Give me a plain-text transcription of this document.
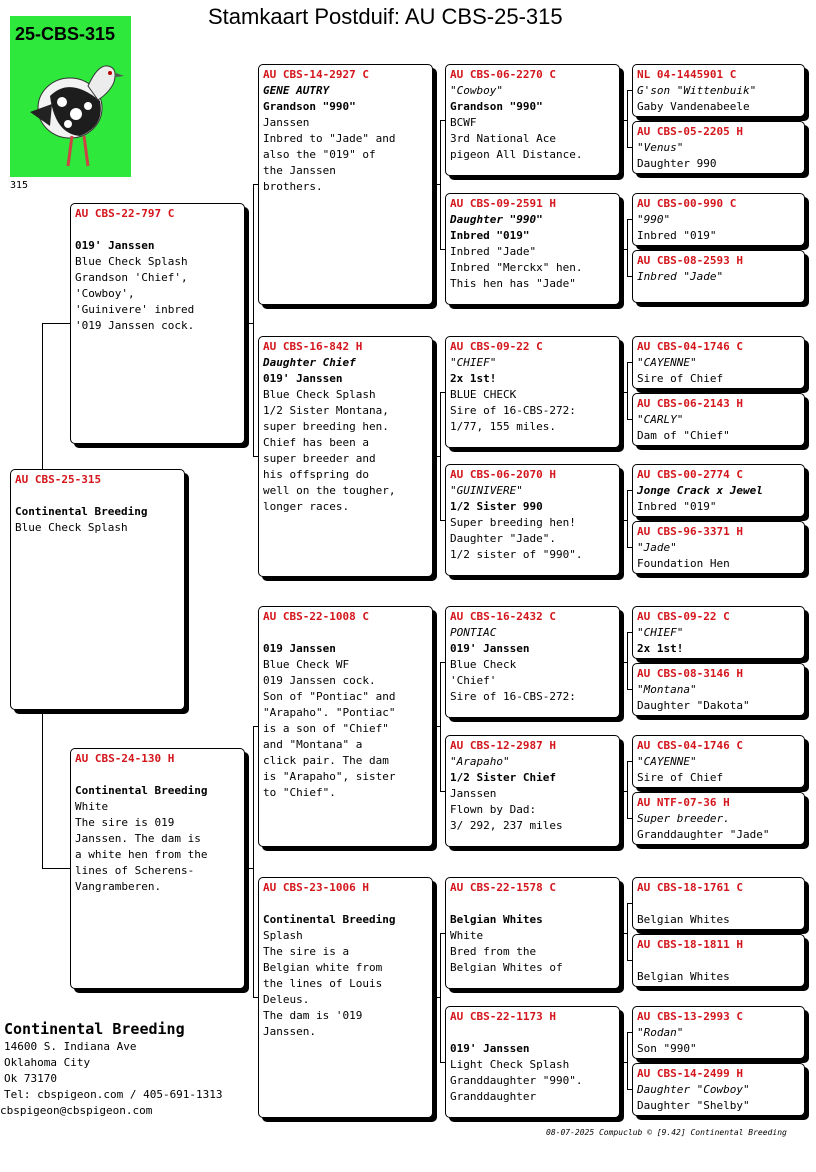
Stamkaart Postduif: AU CBS-25-315
25-CBS-315
315
AU CBS-25-315
Continental Breeding
Blue Check Splash
AU CBS-22-797 C
019' Janssen
Blue Check Splash
Grandson 'Chief',
'Cowboy',
'Guinivere' inbred
'019 Janssen cock.
AU CBS-24-130 H
Continental Breeding
White
The sire is 019
Janssen. The dam is
a white hen from the
lines of Scherens-
Vangramberen.
AU CBS-14-2927 C
GENE AUTRY
Grandson "990"
Janssen
Inbred to "Jade" and
also the "019" of
the Janssen
brothers.
AU CBS-16-842 H
Daughter Chief
019' Janssen
Blue Check Splash
1/2 Sister Montana,
super breeding hen.
Chief has been a
super breeder and
his offspring do
well on the tougher,
longer races.
AU CBS-22-1008 C
019 Janssen
Blue Check WF
019 Janssen cock.
Son of "Pontiac" and
"Arapaho". "Pontiac"
is a son of "Chief"
and "Montana" a
click pair. The dam
is "Arapaho", sister
to "Chief".
AU CBS-23-1006 H
Continental Breeding
Splash
The sire is a
Belgian white from
the lines of Louis
Deleus.
The dam is '019
Janssen.
AU CBS-06-2270 C
"Cowboy"
Grandson "990"
BCWF
3rd National Ace
pigeon All Distance.
AU CBS-09-2591 H
Daughter "990"
Inbred "019"
Inbred "Jade"
Inbred "Merckx" hen.
This hen has "Jade"
AU CBS-09-22 C
"CHIEF"
2x 1st!
BLUE CHECK
Sire of 16-CBS-272:
1/77, 155 miles.
AU CBS-06-2070 H
"GUINIVERE"
1/2 Sister 990
Super breeding hen!
Daughter "Jade".
1/2 sister of "990".
AU CBS-16-2432 C
PONTIAC
019' Janssen
Blue Check
'Chief'
Sire of 16-CBS-272:
AU CBS-12-2987 H
"Arapaho"
1/2 Sister Chief
Janssen
Flown by Dad:
3/ 292, 237 miles
AU CBS-22-1578 C
Belgian Whites
White
Bred from the
Belgian Whites of
AU CBS-22-1173 H
019' Janssen
Light Check Splash
Granddaughter "990".
Granddaughter
NL 04-1445901 C
G'son "Wittenbuik"
Gaby Vandenabeele
AU CBS-05-2205 H
"Venus"
Daughter 990
AU CBS-00-990 C
"990"
Inbred "019"
AU CBS-08-2593 H
Inbred "Jade"
AU CBS-04-1746 C
"CAYENNE"
Sire of Chief
AU CBS-06-2143 H
"CARLY"
Dam of "Chief"
AU CBS-00-2774 C
Jonge Crack x Jewel
Inbred "019"
AU CBS-96-3371 H
"Jade"
Foundation Hen
AU CBS-09-22 C
"CHIEF"
2x 1st!
AU CBS-08-3146 H
"Montana"
Daughter "Dakota"
AU CBS-04-1746 C
"CAYENNE"
Sire of Chief
AU NTF-07-36 H
Super breeder.
Granddaughter "Jade"
AU CBS-18-1761 C
Belgian Whites
AU CBS-18-1811 H
Belgian Whites
AU CBS-13-2993 C
"Rodan"
Son "990"
AU CBS-14-2499 H
Daughter "Cowboy"
Daughter "Shelby"
Continental Breeding
14600 S. Indiana Ave
Oklahoma City
Ok 73170
Tel: cbspigeon.com / 405-691-1313
cbspigeon@cbspigeon.com
08-07-2025 Compuclub © [9.42] Continental Breeding
